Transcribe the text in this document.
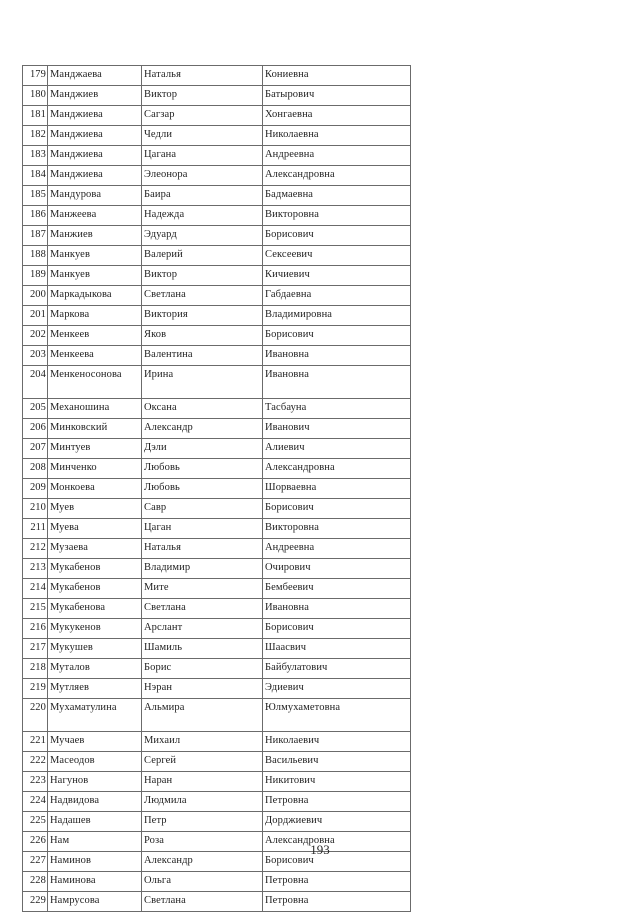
179	Манджаева	Наталья	Кониевна
180	Манджиев	Виктор	Батырович
181	Манджиева	Сагзар	Хонгаевна
182	Манджиева	Чедли	Николаевна
183	Манджиева	Цагана	Андреевна
184	Манджиева	Элеонора	Александровна
185	Мандурова	Баира	Бадмаевна
186	Манжеева	Надежда	Викторовна
187	Манжиев	Эдуард	Борисович
188	Манкуев	Валерий	Сексеевич
189	Манкуев	Виктор	Кичиевич
200	Маркадыкова	Светлана	Габдаевна
201	Маркова	Виктория	Владимировна
202	Менкеев	Яков	Борисович
203	Менкеева	Валентина	Ивановна
204	Менкеносонова	Ирина	Ивановна
205	Механошина	Оксана	Тасбауна
206	Минковский	Александр	Иванович
207	Минтуев	Дэли	Алиевич
208	Минченко	Любовь	Александровна
209	Монкоева	Любовь	Шорваевна
210	Муев	Савр	Борисович
211	Муева	Цаган	Викторовна
212	Музаева	Наталья	Андреевна
213	Мукабенов	Владимир	Очирович
214	Мукабенов	Мите	Бембеевич
215	Мукабенова	Светлана	Ивановна
216	Мукукенов	Арслант	Борисович
217	Мукушев	Шамиль	Шаасвич
218	Муталов	Борис	Байбулатович
219	Мутляев	Нэран	Эдиевич
220	Мухаматулина	Альмира	Юлмухаметовна
221	Мучаев	Михаил	Николаевич
222	Масеодов	Сергей	Васильевич
223	Нагунов	Наран	Никитович
224	Надвидова	Людмила	Петровна
225	Надашев	Петр	Дорджиевич
226	Нам	Роза	Александровна
227	Наминов	Александр	Борисович
228	Наминова	Ольга	Петровна
229	Намрусова	Светлана	Петровна
193
